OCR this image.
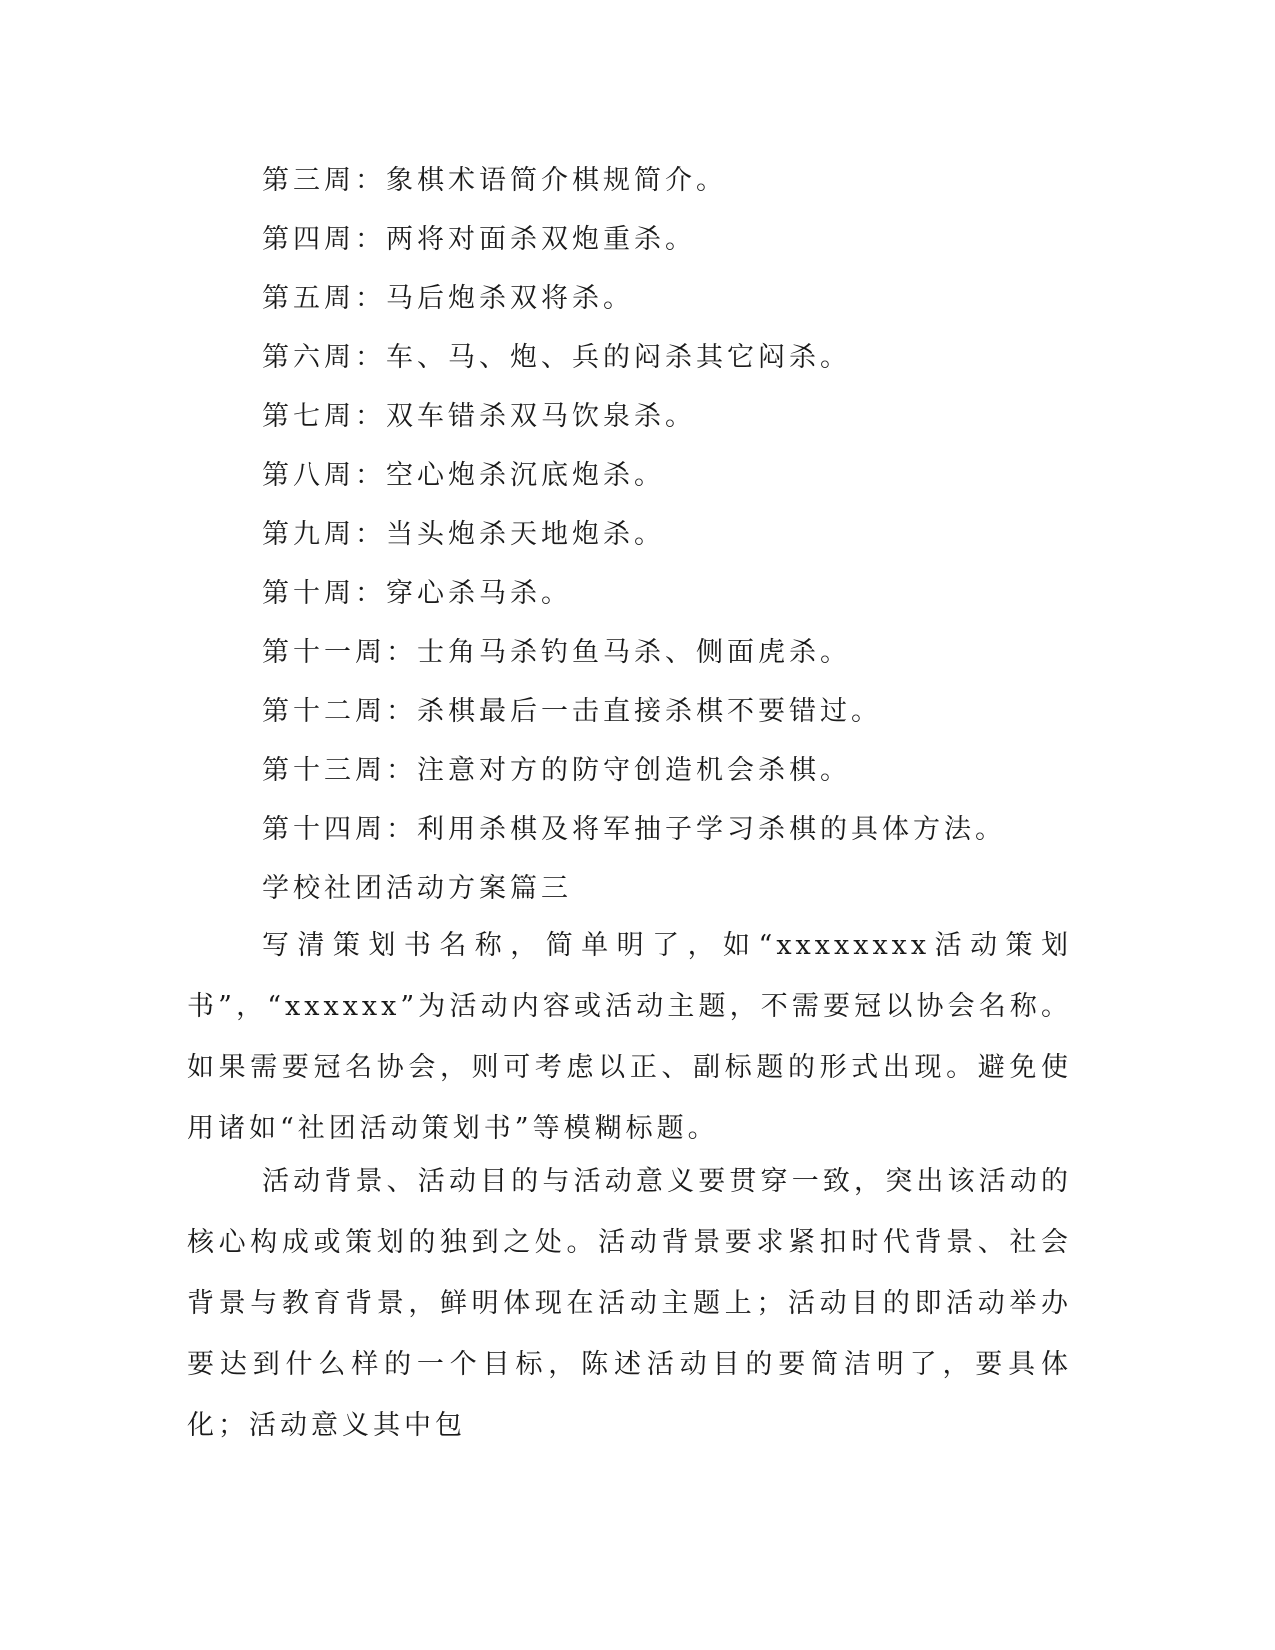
第三周：象棋术语简介棋规简介。
第四周：两将对面杀双炮重杀。
第五周：马后炮杀双将杀。
第六周：车、马、炮、兵的闷杀其它闷杀。
第七周：双车错杀双马饮泉杀。
第八周：空心炮杀沉底炮杀。
第九周：当头炮杀天地炮杀。
第十周：穿心杀马杀。
第十一周：士角马杀钓鱼马杀、侧面虎杀。
第十二周：杀棋最后一击直接杀棋不要错过。
第十三周：注意对方的防守创造机会杀棋。
第十四周：利用杀棋及将军抽子学习杀棋的具体方法。
学校社团活动方案篇三
写清策划书名称，简单明了，如“xxxxxxxx活动策划书”，“xxxxxx”为活动内容或活动主题，不需要冠以协会名称。如果需要冠名协会，则可考虑以正、副标题的形式出现。避免使用诸如“社团活动策划书”等模糊标题。
活动背景、活动目的与活动意义要贯穿一致，突出该活动的核心构成或策划的独到之处。活动背景要求紧扣时代背景、社会背景与教育背景，鲜明体现在活动主题上；活动目的即活动举办要达到什么样的一个目标，陈述活动目的要简洁明了，要具体化；活动意义其中包
